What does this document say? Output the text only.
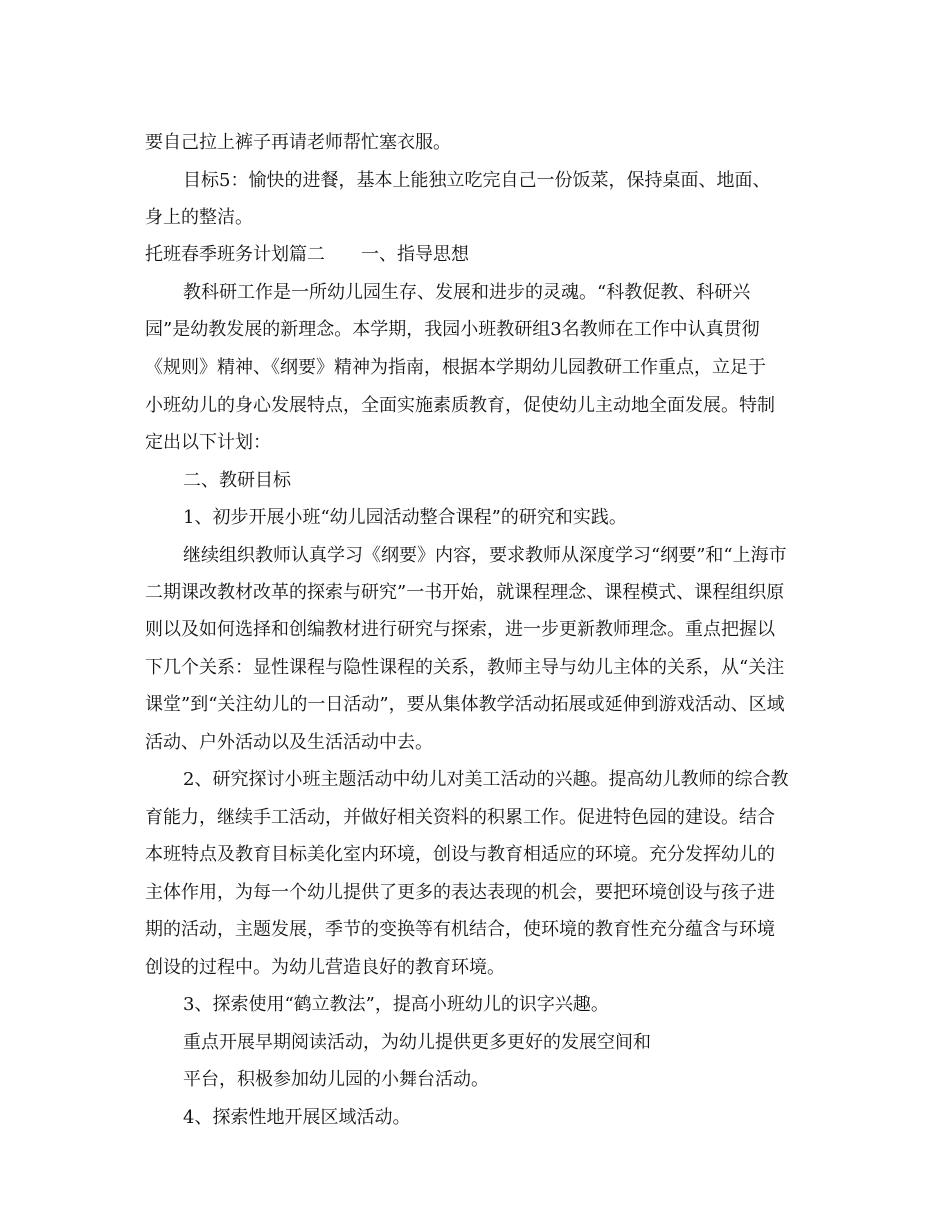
要自己拉上裤子再请老师帮忙塞衣服。

目标5：愉快的进餐，基本上能独立吃完自己一份饭菜，保持桌面、地面、

身上的整洁。

托班春季班务计划篇二　　一、指导思想

教科研工作是一所幼儿园生存、发展和进步的灵魂。“科教促教、科研兴

园”是幼教发展的新理念。本学期，我园小班教研组3名教师在工作中认真贯彻

《规则》精神、《纲要》精神为指南，根据本学期幼儿园教研工作重点，立足于

小班幼儿的身心发展特点，全面实施素质教育，促使幼儿主动地全面发展。特制

定出以下计划：

二、教研目标

1、初步开展小班“幼儿园活动整合课程”的研究和实践。

继续组织教师认真学习《纲要》内容，要求教师从深度学习“纲要”和“上海市

二期课改教材改革的探索与研究”一书开始，就课程理念、课程模式、课程组织原

则以及如何选择和创编教材进行研究与探索，进一步更新教师理念。重点把握以

下几个关系：显性课程与隐性课程的关系，教师主导与幼儿主体的关系，从“关注

课堂”到“关注幼儿的一日活动”，要从集体教学活动拓展或延伸到游戏活动、区域

活动、户外活动以及生活活动中去。

2、研究探讨小班主题活动中幼儿对美工活动的兴趣。提高幼儿教师的综合教

育能力，继续手工活动，并做好相关资料的积累工作。促进特色园的建设。结合

本班特点及教育目标美化室内环境，创设与教育相适应的环境。充分发挥幼儿的

主体作用，为每一个幼儿提供了更多的表达表现的机会，要把环境创设与孩子进

期的活动，主题发展，季节的变换等有机结合，使环境的教育性充分蕴含与环境

创设的过程中。为幼儿营造良好的教育环境。

3、探索使用“鹤立教法”，提高小班幼儿的识字兴趣。

重点开展早期阅读活动，为幼儿提供更多更好的发展空间和

平台，积极参加幼儿园的小舞台活动。

4、探索性地开展区域活动。
